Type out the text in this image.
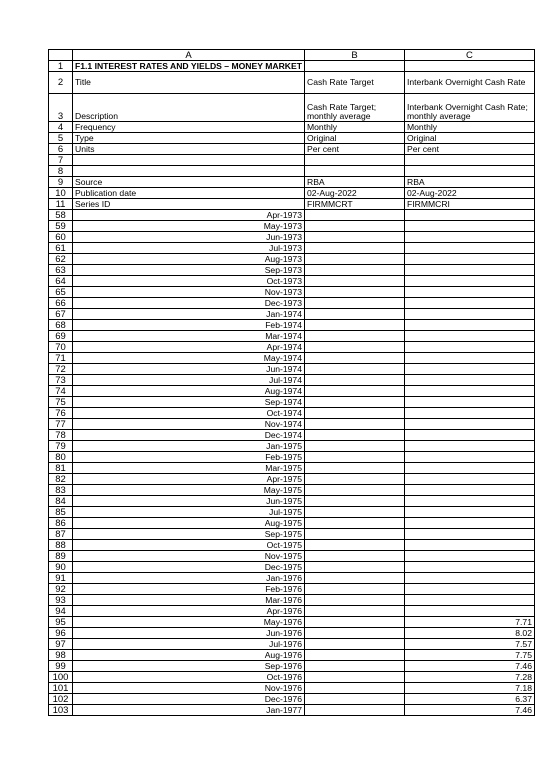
	A	B	C
1	F1.1 INTEREST RATES AND YIELDS – MONEY MARKET		
2	Title	Cash Rate Target	Interbank Overnight Cash Rate
3	Description	Cash Rate Target; monthly average	Interbank Overnight Cash Rate; monthly average
4	Frequency	Monthly	Monthly
5	Type	Original	Original
6	Units	Per cent	Per cent
7			
8			
9	Source	RBA	RBA
10	Publication date	02-Aug-2022	02-Aug-2022
11	Series ID	FIRMMCRT	FIRMMCRI
58	Apr-1973		
59	May-1973		
60	Jun-1973		
61	Jul-1973		
62	Aug-1973		
63	Sep-1973		
64	Oct-1973		
65	Nov-1973		
66	Dec-1973		
67	Jan-1974		
68	Feb-1974		
69	Mar-1974		
70	Apr-1974		
71	May-1974		
72	Jun-1974		
73	Jul-1974		
74	Aug-1974		
75	Sep-1974		
76	Oct-1974		
77	Nov-1974		
78	Dec-1974		
79	Jan-1975		
80	Feb-1975		
81	Mar-1975		
82	Apr-1975		
83	May-1975		
84	Jun-1975		
85	Jul-1975		
86	Aug-1975		
87	Sep-1975		
88	Oct-1975		
89	Nov-1975		
90	Dec-1975		
91	Jan-1976		
92	Feb-1976		
93	Mar-1976		
94	Apr-1976		
95	May-1976		7.71
96	Jun-1976		8.02
97	Jul-1976		7.57
98	Aug-1976		7.75
99	Sep-1976		7.46
100	Oct-1976		7.28
101	Nov-1976		7.18
102	Dec-1976		6.37
103	Jan-1977		7.46
